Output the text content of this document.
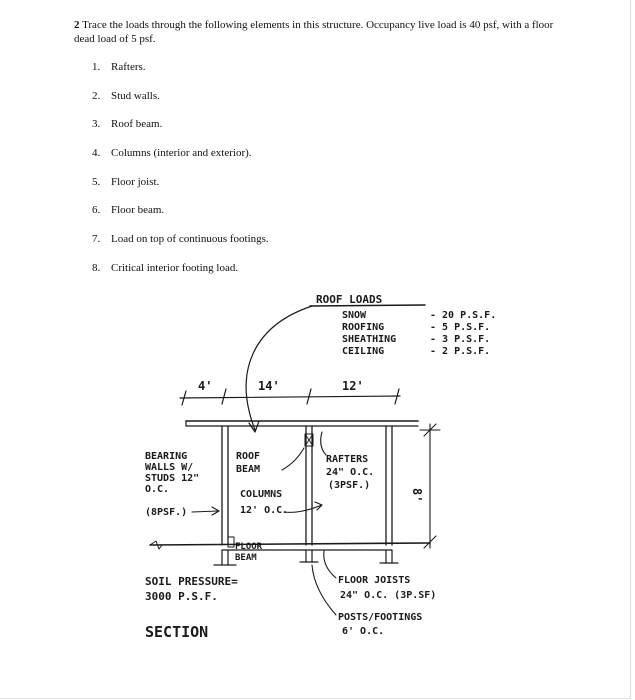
2 Trace the loads through the following elements in this structure. Occupancy live load is 40 psf, with a floor dead load of 5 psf.
1. Rafters.
2. Stud walls.
3. Roof beam.
4. Columns (interior and exterior).
5. Floor joist.
6. Floor beam.
7. Load on top of continuous footings.
8. Critical interior footing load.
ROOF LOADS
SNOW	- 20 P.S.F.
ROOFING	- 5 P.S.F.
SHEATHING	- 3 P.S.F.
CEILING	- 2 P.S.F.
4'	14'	12'
8'
BEARING
WALLS W/
STUDS 12"
O.C.
(8PSF.)
ROOF
BEAM
COLUMNS
12' O.C.
RAFTERS
24" O.C.
(3PSF.)
FLOOR
BEAM
SOIL PRESSURE=
3000 P.S.F.
FLOOR JOISTS
24" O.C. (3P.SF)
POSTS/FOOTINGS
6' O.C.
SECTION
